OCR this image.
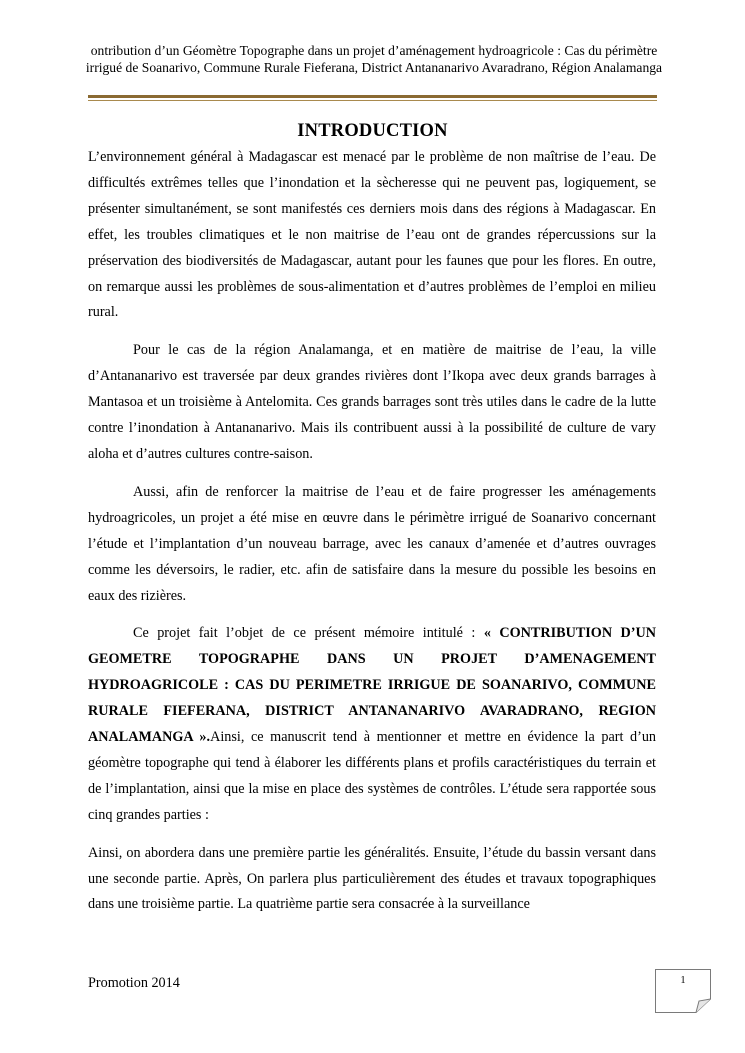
ontribution d’un Géomètre Topographe dans un projet d’aménagement hydroagricole : Cas du périmètre irrigué de Soanarivo, Commune Rurale Fieferana, District Antananarivo Avaradrano, Région Analamanga
INTRODUCTION

L’environnement général à Madagascar est menacé par le problème de non maîtrise de l’eau. De difficultés extrêmes telles que l’inondation et la sècheresse qui ne peuvent pas, logiquement, se présenter simultanément, se sont manifestés ces derniers mois dans des régions à Madagascar. En effet, les troubles climatiques et le non maitrise de l’eau ont de grandes répercussions sur la préservation des biodiversités de Madagascar, autant pour les faunes que pour les flores. En outre, on remarque aussi les problèmes de sous-alimentation et d’autres problèmes de l’emploi en milieu rural.

Pour le cas de la région Analamanga, et en matière de maitrise de l’eau, la ville d’Antananarivo est traversée par deux grandes rivières dont l’Ikopa avec deux grands barrages à Mantasoa et un troisième à Antelomita. Ces grands barrages sont très utiles dans le cadre de la lutte contre l’inondation à Antananarivo. Mais ils contribuent aussi à la possibilité de culture de vary aloha et d’autres cultures contre-saison.

Aussi, afin de renforcer la maitrise de l’eau et de faire progresser les aménagements hydroagricoles, un projet a été mise en œuvre dans le périmètre irrigué de Soanarivo concernant l’étude et l’implantation d’un nouveau barrage, avec les canaux d’amenée et d’autres ouvrages comme les déversoirs, le radier, etc. afin de satisfaire dans la mesure du possible les besoins en eaux des rizières.

Ce projet fait l’objet de ce présent mémoire intitulé : « CONTRIBUTION D’UN GEOMETRE TOPOGRAPHE DANS UN PROJET D’AMENAGEMENT HYDROAGRICOLE : CAS DU PERIMETRE IRRIGUE DE SOANARIVO, COMMUNE RURALE FIEFERANA, DISTRICT ANTANANARIVO AVARADRANO, REGION ANALAMANGA ».Ainsi, ce manuscrit tend à mentionner et mettre en évidence la part d’un géomètre topographe qui tend à élaborer les différents plans et profils caractéristiques du terrain et de l’implantation, ainsi que la mise en place des systèmes de contrôles. L’étude sera rapportée sous cinq grandes parties :

Ainsi, on abordera dans une première partie les généralités. Ensuite, l’étude du bassin versant dans une seconde partie. Après, On parlera plus particulièrement des études et travaux topographiques dans une troisième partie. La quatrième partie sera consacrée à la surveillance

Promotion 2014	1
